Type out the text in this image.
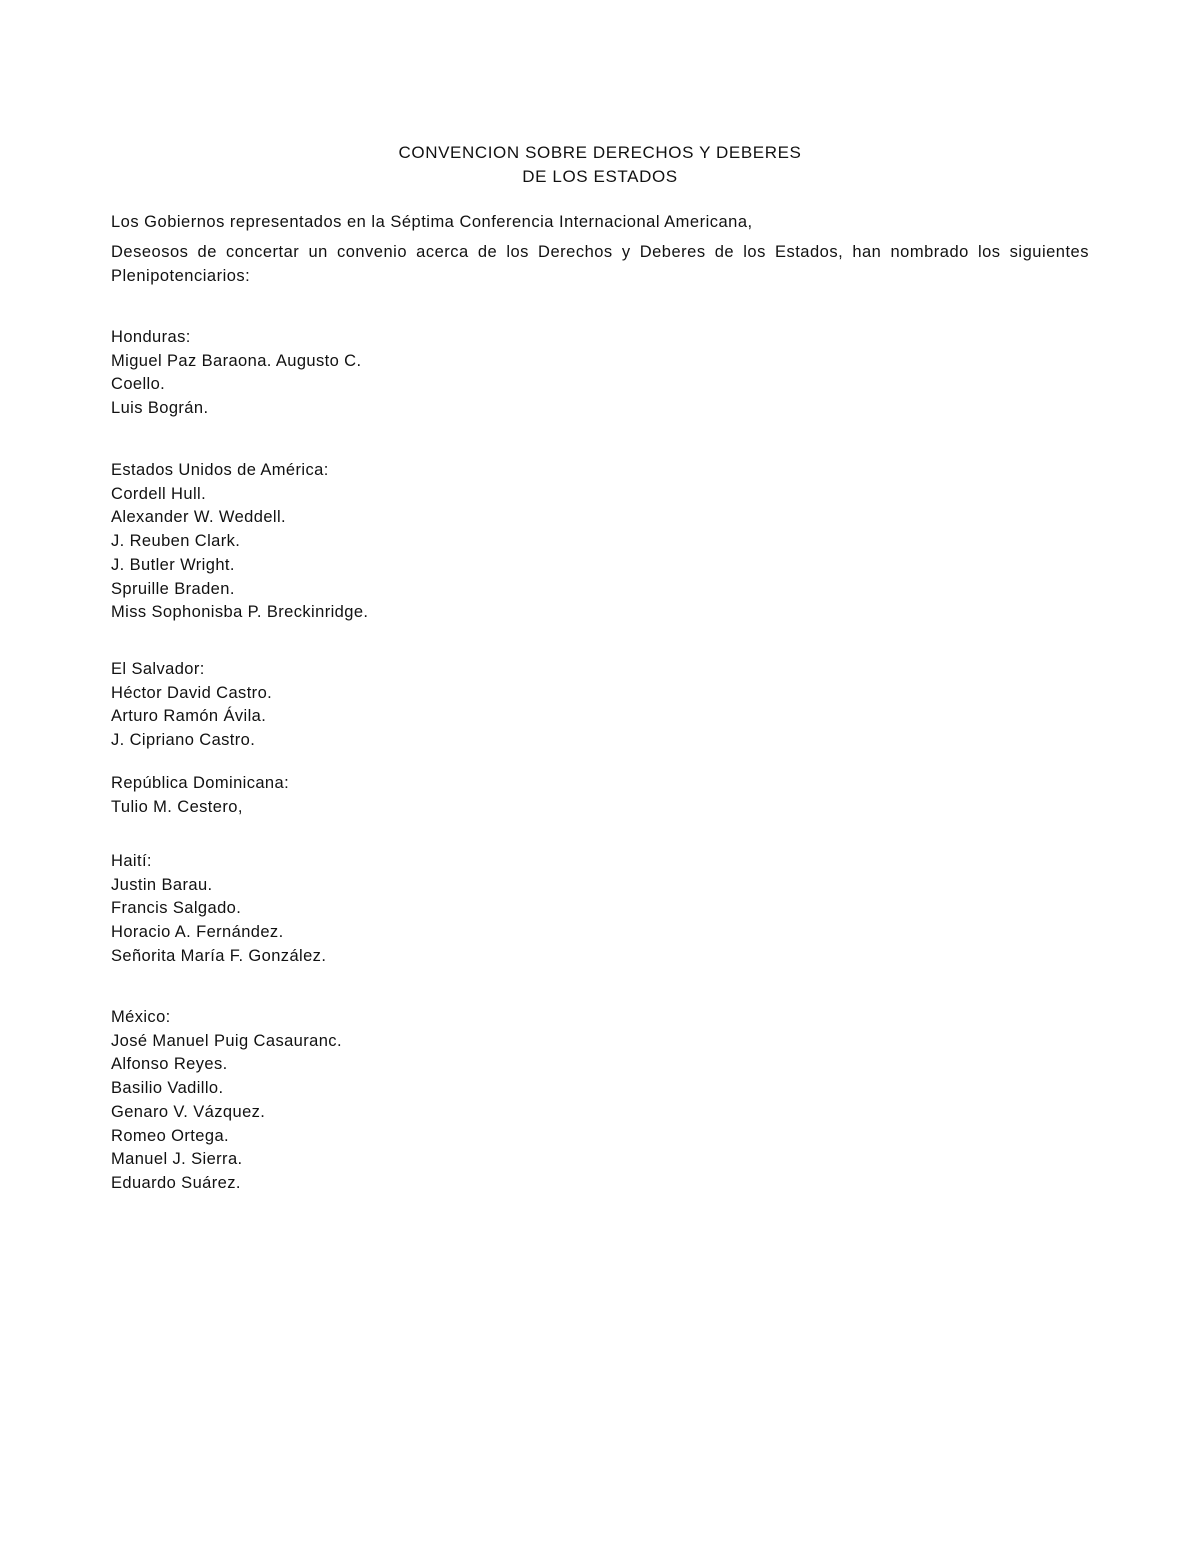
CONVENCION SOBRE DERECHOS Y DEBERES
DE LOS ESTADOS
Los Gobiernos representados en la Séptima Conferencia Internacional Americana,
Deseosos de concertar un convenio acerca de los Derechos y Deberes de los Estados, han nombrado los siguientes Plenipotenciarios:
Honduras:
Miguel Paz Baraona. Augusto C.
Coello.
Luis Bográn.
Estados Unidos de América:
Cordell Hull.
Alexander W. Weddell.
J. Reuben Clark.
J. Butler Wright.
Spruille Braden.
Miss Sophonisba P. Breckinridge.
El Salvador:
Héctor David Castro.
Arturo Ramón Ávila.
J. Cipriano Castro.
República Dominicana:
Tulio M. Cestero,
Haití:
Justin Barau.
Francis Salgado.
Horacio A. Fernández.
Señorita María F. González.
México:
José Manuel Puig Casauranc.
Alfonso Reyes.
Basilio Vadillo.
Genaro V. Vázquez.
Romeo Ortega.
Manuel J. Sierra.
Eduardo Suárez.
